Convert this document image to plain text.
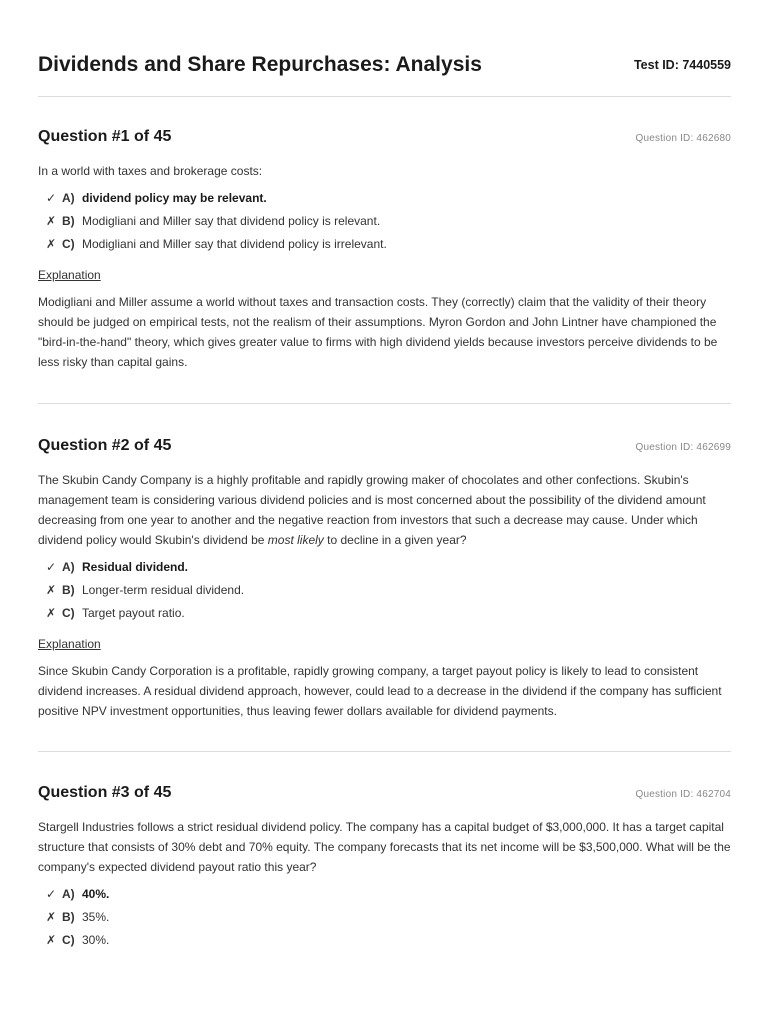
Dividends and Share Repurchases: Analysis	Test ID: 7440559
Question #1 of 45	Question ID: 462680
In a world with taxes and brokerage costs:
✓ A) dividend policy may be relevant.
✗ B) Modigliani and Miller say that dividend policy is relevant.
✗ C) Modigliani and Miller say that dividend policy is irrelevant.
Explanation
Modigliani and Miller assume a world without taxes and transaction costs. They (correctly) claim that the validity of their theory should be judged on empirical tests, not the realism of their assumptions. Myron Gordon and John Lintner have championed the "bird-in-the-hand" theory, which gives greater value to firms with high dividend yields because investors perceive dividends to be less risky than capital gains.
Question #2 of 45	Question ID: 462699
The Skubin Candy Company is a highly profitable and rapidly growing maker of chocolates and other confections. Skubin's management team is considering various dividend policies and is most concerned about the possibility of the dividend amount decreasing from one year to another and the negative reaction from investors that such a decrease may cause. Under which dividend policy would Skubin's dividend be most likely to decline in a given year?
✓ A) Residual dividend.
✗ B) Longer-term residual dividend.
✗ C) Target payout ratio.
Explanation
Since Skubin Candy Corporation is a profitable, rapidly growing company, a target payout policy is likely to lead to consistent dividend increases. A residual dividend approach, however, could lead to a decrease in the dividend if the company has sufficient positive NPV investment opportunities, thus leaving fewer dollars available for dividend payments.
Question #3 of 45	Question ID: 462704
Stargell Industries follows a strict residual dividend policy. The company has a capital budget of $3,000,000. It has a target capital structure that consists of 30% debt and 70% equity. The company forecasts that its net income will be $3,500,000. What will be the company's expected dividend payout ratio this year?
✓ A) 40%.
✗ B) 35%.
✗ C) 30%.
